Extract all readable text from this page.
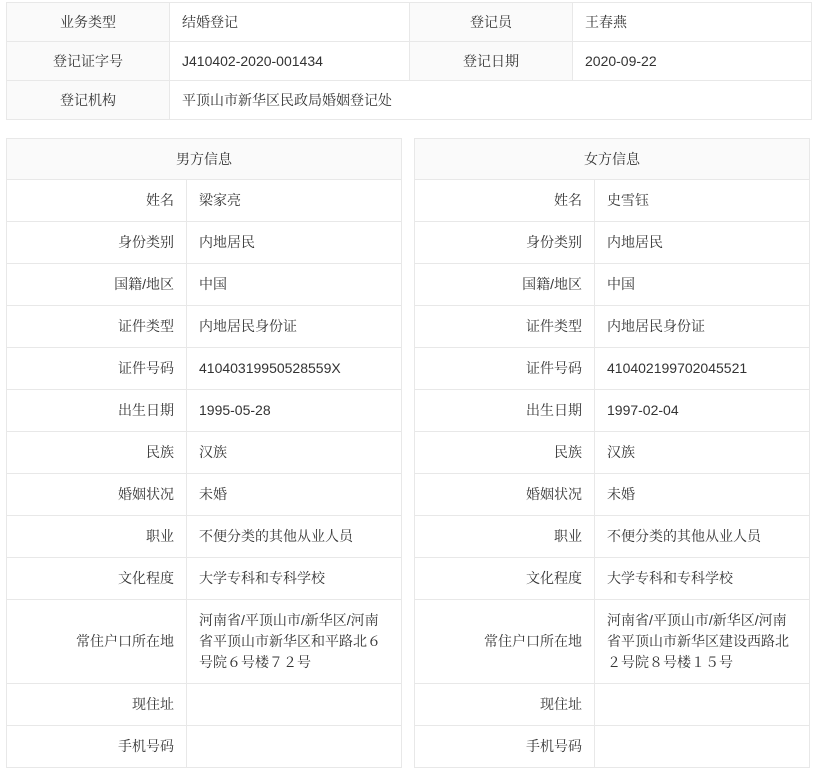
业务类型	结婚登记	登记员	王春燕
登记证字号	J410402-2020-001434	登记日期	2020-09-22
登记机构	平顶山市新华区民政局婚姻登记处		
男方信息
姓名	梁家亮
身份类别	内地居民
国籍/地区	中国
证件类型	内地居民身份证
证件号码	41040319950528559X
出生日期	1995-05-28
民族	汉族
婚姻状况	未婚
职业	不便分类的其他从业人员
文化程度	大学专科和专科学校
常住户口所在地	河南省/平顶山市/新华区/河南省平顶山市新华区和平路北６号院６号楼７２号
现住址	
手机号码	
女方信息
姓名	史雪钰
身份类别	内地居民
国籍/地区	中国
证件类型	内地居民身份证
证件号码	410402199702045521
出生日期	1997-02-04
民族	汉族
婚姻状况	未婚
职业	不便分类的其他从业人员
文化程度	大学专科和专科学校
常住户口所在地	河南省/平顶山市/新华区/河南省平顶山市新华区建设西路北２号院８号楼１５号
现住址	
手机号码	
